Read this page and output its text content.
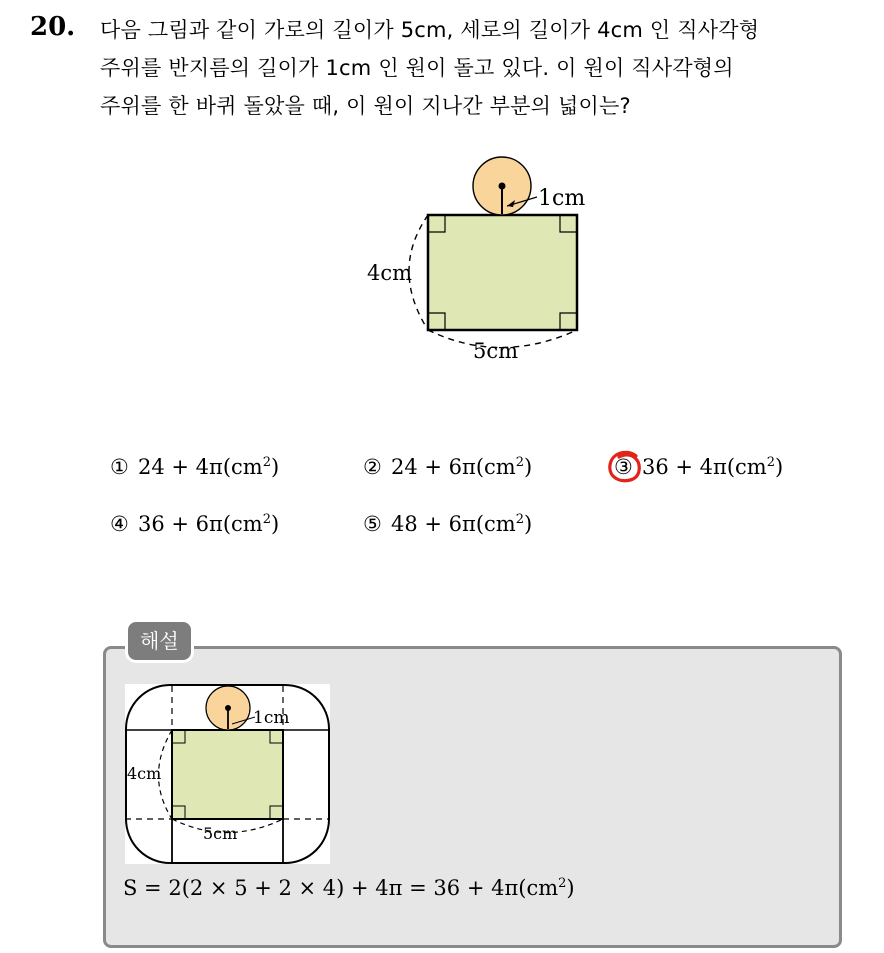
20. 다음 그림과 같이 가로의 길이가 5cm, 세로의 길이가 4cm 인 직사각형
주위를 반지름의 길이가 1cm 인 원이 돌고 있다. 이 원이 직사각형의
주위를 한 바퀴 돌았을 때, 이 원이 지나간 부분의 넓이는?
1cm
4cm
5cm
① $24 + 4\pi(cm^2)$	② $24 + 6\pi(cm^2)$	③ $36 + 4\pi(cm^2)$
④ $36 + 6\pi(cm^2)$	⑤ $48 + 6\pi(cm^2)$
해설
1cm
4cm
5cm
$S = 2(2 \times 5 + 2 \times 4) + 4\pi = 36 + 4\pi(cm^2)$
